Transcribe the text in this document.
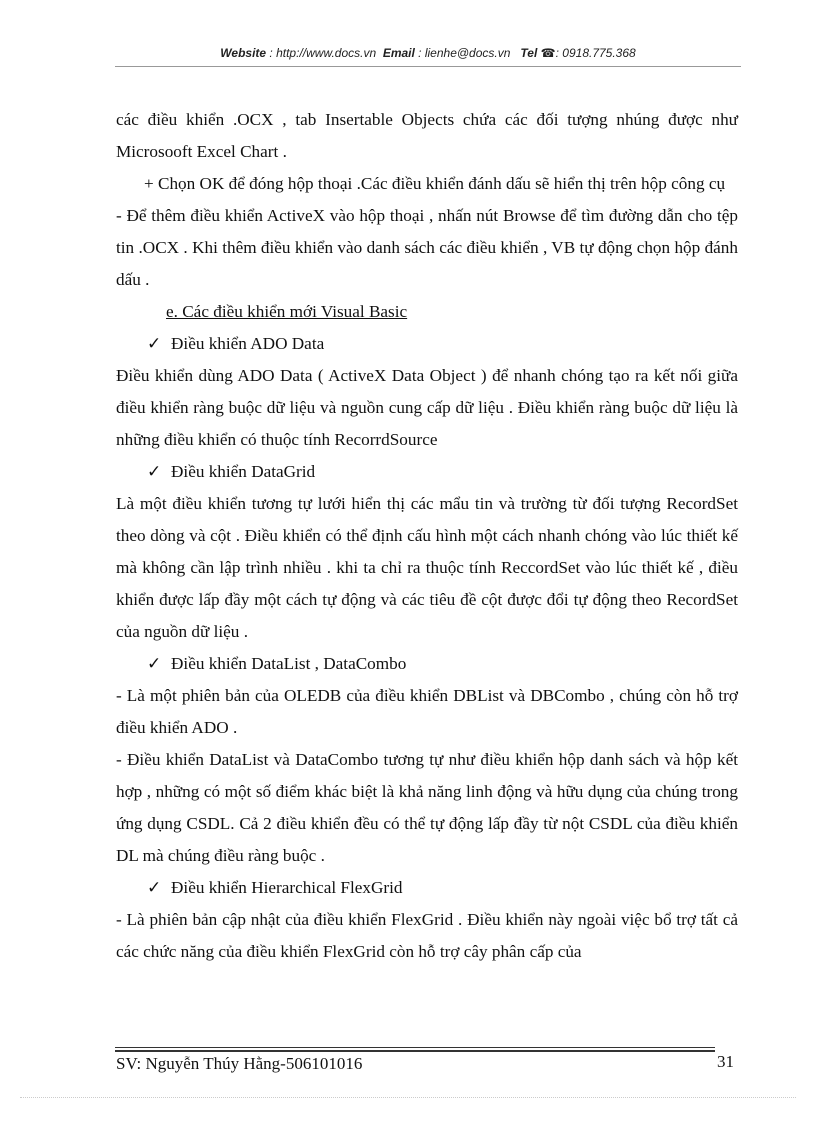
Website : http://www.docs.vn Email : lienhe@docs.vn Tel ☎: 0918.775.368

các điều khiển .OCX , tab Insertable Objects chứa các đối tượng nhúng được như Microsooft Excel Chart .

+ Chọn OK để đóng hộp thoại .Các điều khiển đánh dấu sẽ hiển thị trên hộp công cụ

- Để thêm điều khiển ActiveX vào hộp thoại , nhấn nút Browse để tìm đường dẫn cho tệp tin .OCX . Khi thêm điều khiển vào danh sách các điều khiển , VB tự động chọn hộp đánh dấu .

e. Các điều khiển mới Visual Basic

✓ Điều khiển ADO Data

Điều khiển dùng ADO Data ( ActiveX Data Object ) để nhanh chóng tạo ra kết nối giữa điều khiển ràng buộc dữ liệu và nguồn cung cấp dữ liệu . Điều khiển ràng buộc dữ liệu là những điều khiển có thuộc tính RecorrdSource

✓ Điều khiển DataGrid

Là một điều khiển tương tự lưới hiển thị các mẩu tin và trường từ đối tượng RecordSet theo dòng và cột . Điều khiển có thể định cấu hình một cách nhanh chóng vào lúc thiết kế mà không cần lập trình nhiều . khi ta chỉ ra thuộc tính ReccordSet vào lúc thiết kế , điều khiển được lấp đầy một cách tự động và các tiêu đề cột được đổi tự động theo RecordSet của nguồn dữ liệu .

✓ Điều khiển DataList , DataCombo

- Là một phiên bản của OLEDB của điều khiển DBList và DBCombo , chúng còn hỗ trợ điều khiển ADO .

- Điều khiển DataList và DataCombo tương tự như điều khiển hộp danh sách và hộp kết hợp , những có một số điểm khác biệt là khả năng linh động và hữu dụng của chúng trong ứng dụng CSDL. Cả 2 điều khiển đều có thể tự động lấp đầy từ nột CSDL của điều khiển DL mà chúng điều ràng buộc .

✓ Điều khiển Hierarchical FlexGrid

- Là phiên bản cập nhật của điều khiển FlexGrid . Điều khiển này ngoài việc bổ trợ tất cả các chức năng của điều khiển FlexGrid còn hỗ trợ cây phân cấp của

SV: Nguyễn Thúy Hằng-506101016	31
